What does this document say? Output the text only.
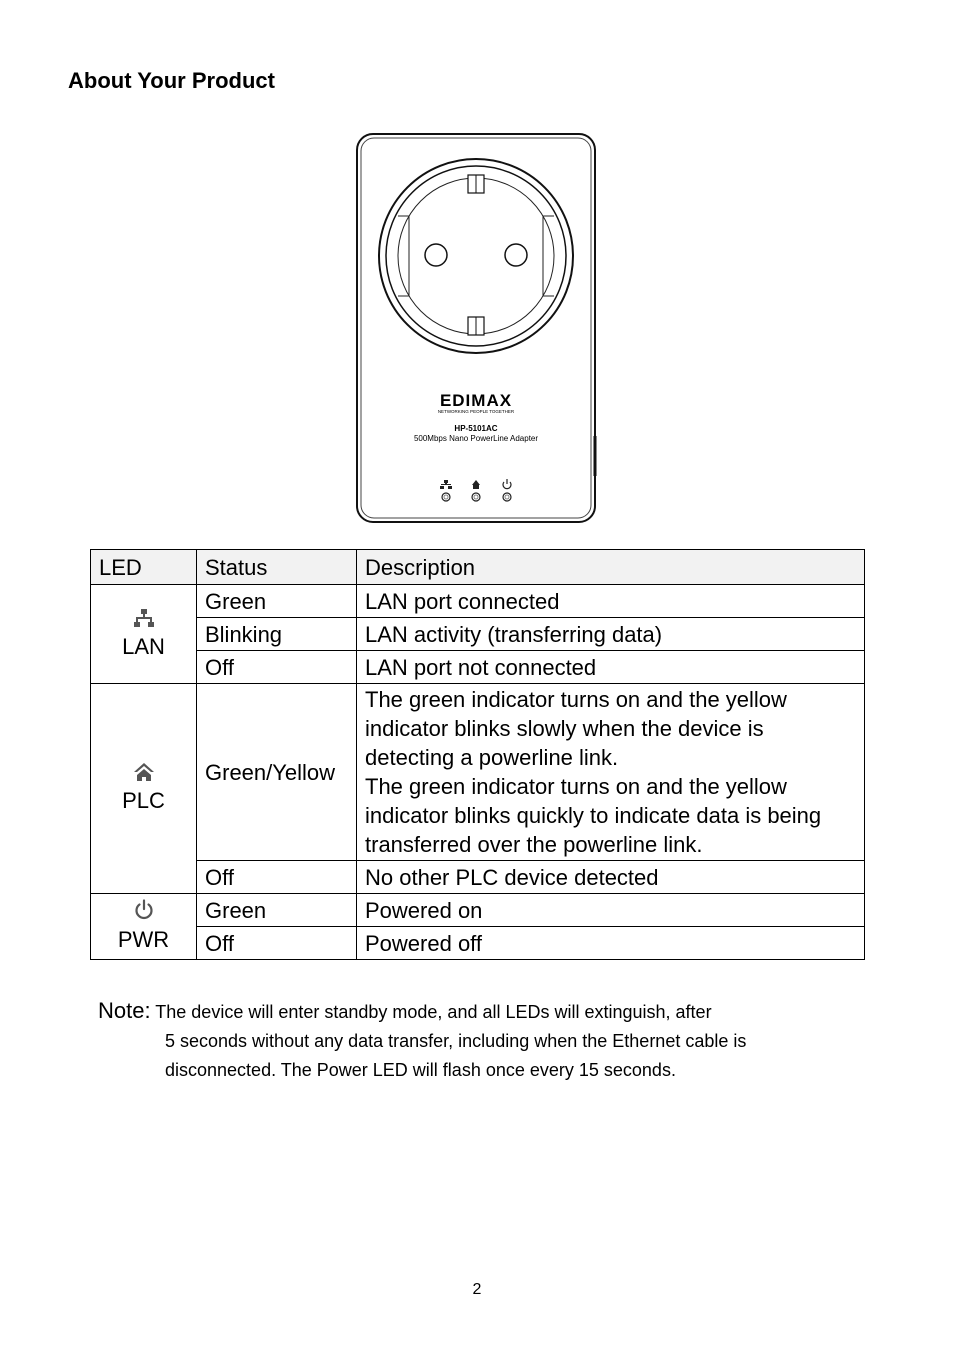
About Your Product
EDIMAX
NETWORKING PEOPLE TOGETHER
HP-5101AC
500Mbps Nano PowerLine Adapter
LED	Status	Description

LAN	Green	LAN port connected
	Blinking	LAN activity (transferring data)
	Off	LAN port not connected

PLC	Green/Yellow	The green indicator turns on and the yellow indicator blinks slowly when the device is detecting a powerline link.
The green indicator turns on and the yellow indicator blinks quickly to indicate data is being transferred over the powerline link.

	Off	No other PLC device detected

PWR	Green	Powered on
	Off	Powered off
Note: The device will enter standby mode, and all LEDs will extinguish, after
5 seconds without any data transfer, including when the Ethernet cable is
disconnected. The Power LED will flash once every 15 seconds.
2
